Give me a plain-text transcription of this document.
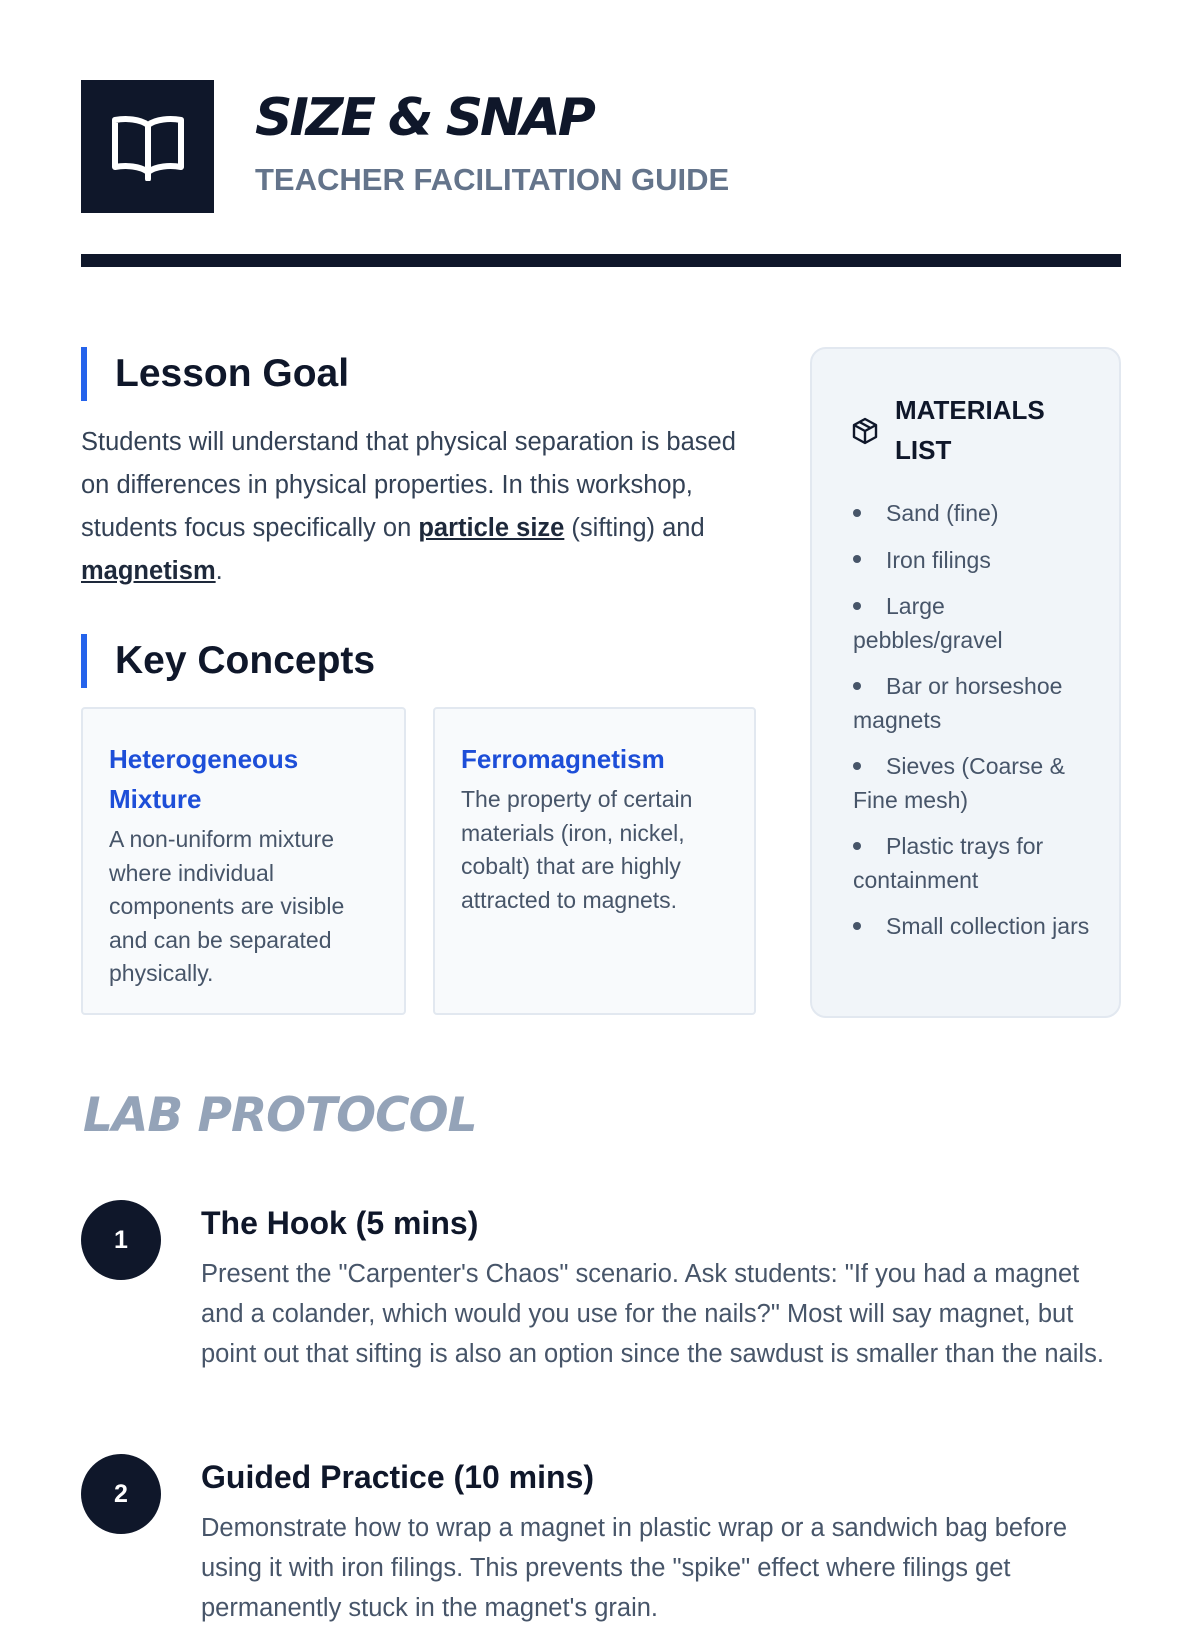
SIZE & SNAP
TEACHER FACILITATION GUIDE
Lesson Goal
Students will understand that physical separation is based on differences in physical properties. In this workshop, students focus specifically on particle size (sifting) and magnetism.
Key Concepts
Heterogeneous Mixture
A non-uniform mixture where individual components are visible and can be separated physically.
Ferromagnetism
The property of certain materials (iron, nickel, cobalt) that are highly attracted to magnets.
MATERIALS LIST
Sand (fine)
Iron filings
Large pebbles/gravel
Bar or horseshoe magnets
Sieves (Coarse & Fine mesh)
Plastic trays for containment
Small collection jars
LAB PROTOCOL
1	The Hook (5 mins)
Present the "Carpenter's Chaos" scenario. Ask students: "If you had a magnet and a colander, which would you use for the nails?" Most will say magnet, but point out that sifting is also an option since the sawdust is smaller than the nails.
2	Guided Practice (10 mins)
Demonstrate how to wrap a magnet in plastic wrap or a sandwich bag before using it with iron filings. This prevents the "spike" effect where filings get permanently stuck in the magnet's grain.
